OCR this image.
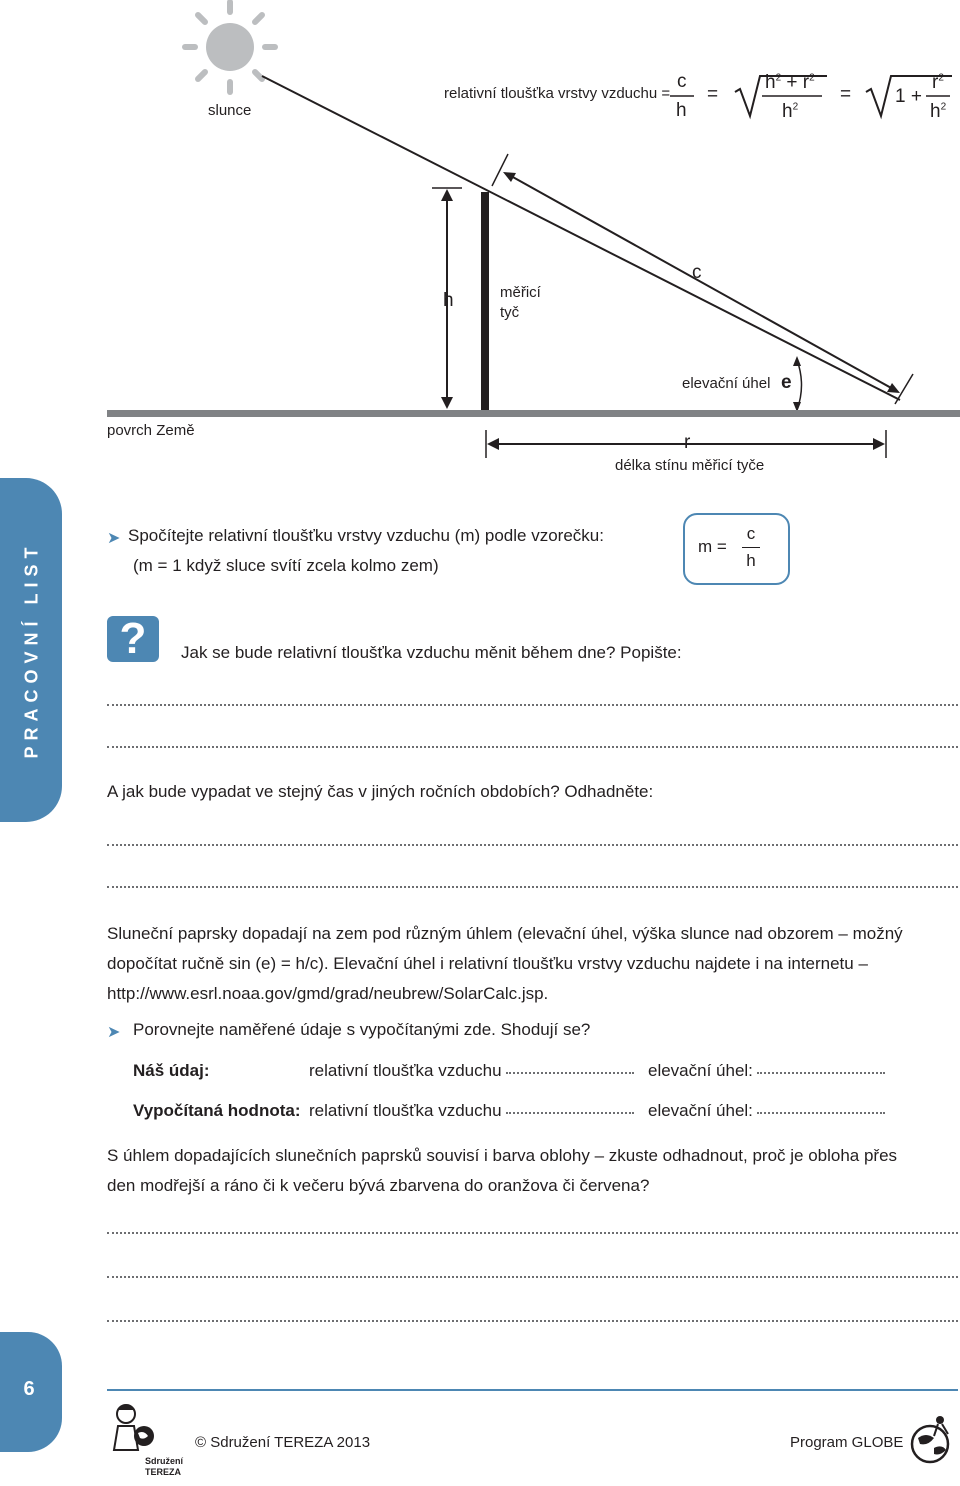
slunce
relativní tloušťka vrstvy vzduchu =
c
h
=
$h^2 + r^2$
$h^2$
= 1 +
$r^2$
$h^2$
h	měřicí
tyč
c
elevační úhel e
povrch Země
r
délka stínu měřicí tyče
PRACOVNÍ LIST
➤ Spočítejte relativní tloušťku vrstvy vzduchu (m) podle vzorečku:
(m = 1 když sluce svítí zcela kolmo zem)
m =
c
h
?	Jak se bude relativní tloušťka vzduchu měnit během dne? Popište:
A jak bude vypadat ve stejný čas v jiných ročních obdobích? Odhadněte:
Sluneční paprsky dopadají na zem pod různým úhlem (elevační úhel, výška slunce nad obzorem – možný
dopočítat ručně sin (e) = h/c). Elevační úhel i relativní tloušťku vrstvy vzduchu najdete i na internetu –
http://www.esrl.noaa.gov/gmd/grad/neubrew/SolarCalc.jsp.
➤ Porovnejte naměřené údaje s vypočítanými zde. Shodují se?
Náš údaj:	relativní tloušťka vzduchu	elevační úhel:
Vypočítaná hodnota: relativní tloušťka vzduchu	elevační úhel:
S úhlem dopadajících slunečních paprsků souvisí i barva oblohy – zkuste odhadnout, proč je obloha přes
den modřejší a ráno či k večeru bývá zbarvena do oranžova či červena?
6
Sdružení
TEREZA
© Sdružení TEREZA 2013	Program GLOBE
